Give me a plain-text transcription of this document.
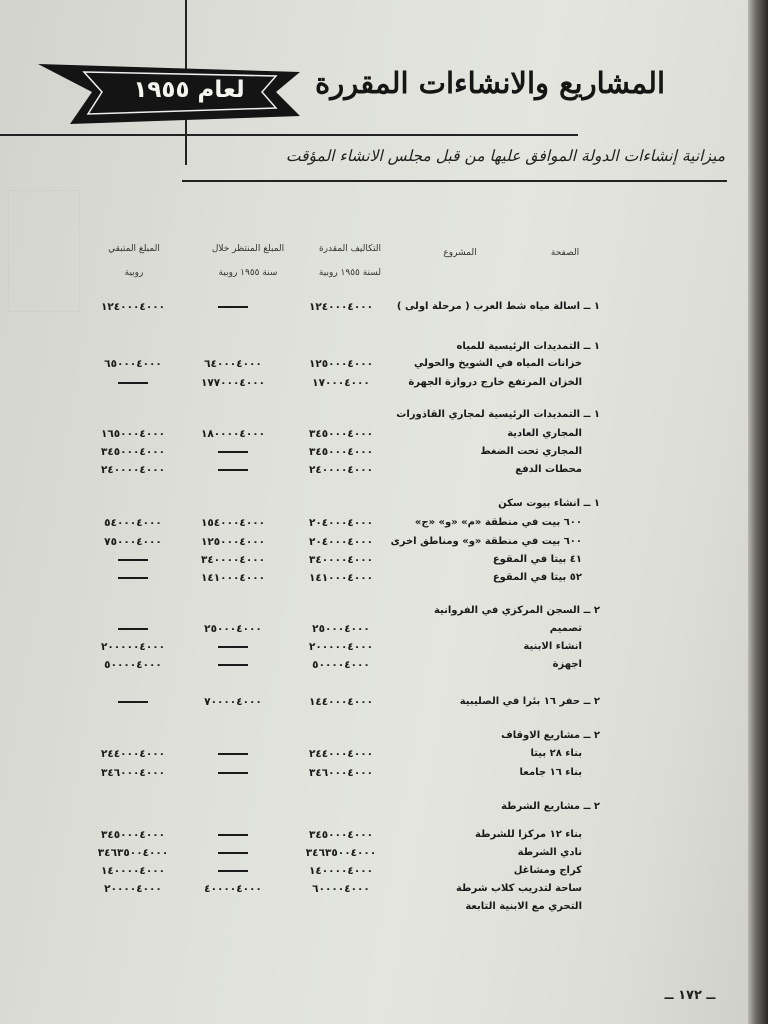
لعام ١٩٥٥	المشاريع والانشاءات المقررة
ميزانية إنشاءات الدولة الموافق عليها من قبل مجلس الانشاء المؤقت
الصفحة
المشروع
التكاليف المقدرة
لسنة ١٩٥٥ روبية
المبلغ المنتظر خلال
سنة ١٩٥٥ روبية
المبلغ المتبقي
روبية
١ ــ اسالة مياه شط العرب ( مرحلة اولى )
١٢٤٠٠٠٤٠٠٠
١٢٤٠٠٠٤٠٠٠
١ ــ التمديدات الرئيسية للمياه
خزانات المياه في الشويخ والحولي
١٢٥٠٠٠٤٠٠٠
٦٤٠٠٠٤٠٠٠
٦٥٠٠٠٤٠٠٠
الخزان المرتفع خارج دروازة الجهرة
١٧٠٠٠٤٠٠٠
١٧٧٠٠٠٤٠٠٠
١ ــ التمديدات الرئيسية لمجاري القاذورات
المجاري العادية
٣٤٥٠٠٠٤٠٠٠
١٨٠٠٠٠٤٠٠٠
١٦٥٠٠٠٤٠٠٠
المجاري تحت الضغط
٣٤٥٠٠٠٤٠٠٠
٣٤٥٠٠٠٤٠٠٠
محطات الدفع
٢٤٠٠٠٠٤٠٠٠
٢٤٠٠٠٠٤٠٠٠
١ ــ انشاء بيوت سكن
٦٠٠ بيت في منطقة «م» «و» «ج»
٢٠٤٠٠٠٤٠٠٠
١٥٤٠٠٠٤٠٠٠
٥٤٠٠٠٤٠٠٠
٦٠٠ بيت في منطقة «و» ومناطق اخرى
٢٠٤٠٠٠٤٠٠٠
١٢٥٠٠٠٤٠٠٠
٧٥٠٠٠٤٠٠٠
٤١ بيتا في المقوع
٣٤٠٠٠٠٤٠٠٠
٣٤٠٠٠٠٤٠٠٠
٥٢ بيتا في المقوع
١٤١٠٠٠٤٠٠٠
١٤١٠٠٠٤٠٠٠
٢ ــ السجن المركزي في الفروانية
تصميم
٢٥٠٠٠٤٠٠٠
٢٥٠٠٠٤٠٠٠
انشاء الابنية
٢٠٠٠٠٠٤٠٠٠
٢٠٠٠٠٠٤٠٠٠
اجهزة
٥٠٠٠٠٤٠٠٠
٥٠٠٠٠٤٠٠٠
٢ ــ حفر ١٦ بئرا في الصليبية
١٤٤٠٠٠٤٠٠٠
٧٠٠٠٠٤٠٠٠
٢ ــ مشاريع الاوقاف
بناء ٢٨ بيتا
٢٤٤٠٠٠٤٠٠٠
٢٤٤٠٠٠٤٠٠٠
بناء ١٦ جامعا
٣٤٦٠٠٠٤٠٠٠
٣٤٦٠٠٠٤٠٠٠
٢ ــ مشاريع الشرطة
بناء ١٢ مركزا للشرطة
٣٤٥٠٠٠٤٠٠٠
٣٤٥٠٠٠٤٠٠٠
نادي الشرطة
٣٤٦٣٥٠٠٤٠٠٠
٣٤٦٣٥٠٠٤٠٠٠
كراج ومشاغل
١٤٠٠٠٠٤٠٠٠
١٤٠٠٠٠٤٠٠٠
ساحة لتدريب كلاب شرطة
٦٠٠٠٠٤٠٠٠
٤٠٠٠٠٤٠٠٠
٢٠٠٠٠٤٠٠٠
التحري مع الابنية التابعة
ــ ١٧٢ ــ
